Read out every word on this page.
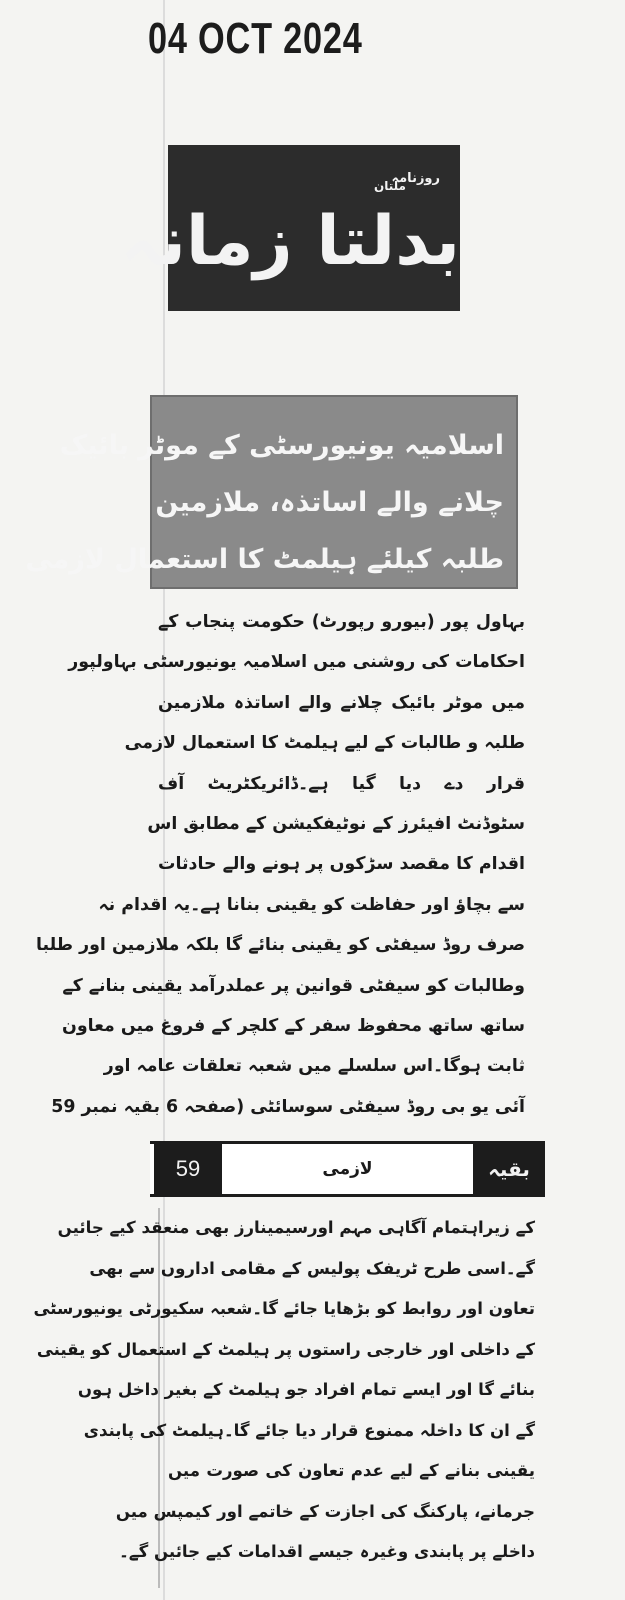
04 OCT 2024
روزنامہ
ملتان
بدلتا زمانہ
اسلامیہ یونیورسٹی کے موٹر بائیک
چلانے والے اساتذہ، ملازمین
طلبہ کیلئے ہیلمٹ کا استعمال لازمی
بہاول پور (بیورو رپورٹ) حکومت پنجاب کے
احکامات کی روشنی میں اسلامیہ یونیورسٹی بہاولپور
میں موٹر بائیک چلانے والے اساتذہ ملازمین
طلبہ و طالبات کے لیے ہیلمٹ کا استعمال لازمی
قرار دے دیا گیا ہے۔ڈائریکٹریٹ آف
سٹوڈنٹ افیئرز کے نوٹیفکیشن کے مطابق اس
اقدام کا مقصد سڑکوں پر ہونے والے حادثات
سے بچاؤ اور حفاظت کو یقینی بنانا ہے۔یہ اقدام نہ
صرف روڈ سیفٹی کو یقینی بنائے گا بلکہ ملازمین اور طلبا
وطالبات کو سیفٹی قوانین پر عملدرآمد یقینی بنانے کے
ساتھ ساتھ محفوظ سفر کے کلچر کے فروغ میں معاون
ثابت ہوگا۔اس سلسلے میں شعبہ تعلقات عامہ اور
آئی یو بی روڈ سیفٹی سوسائٹی (صفحہ 6 بقیہ نمبر 59
بقیہ
لازمی
59
کے زیراہتمام آگاہی مہم اورسیمینارز بھی منعقد کیے جائیں
گے۔اسی طرح ٹریفک پولیس کے مقامی اداروں سے بھی
تعاون اور روابط کو بڑھایا جائے گا۔شعبہ سکیورٹی یونیورسٹی
کے داخلی اور خارجی راستوں پر ہیلمٹ کے استعمال کو یقینی
بنائے گا اور ایسے تمام افراد جو ہیلمٹ کے بغیر داخل ہوں
گے ان کا داخلہ ممنوع قرار دیا جائے گا۔ہیلمٹ کی پابندی
یقینی بنانے کے لیے عدم تعاون کی صورت میں
جرمانے، پارکنگ کی اجازت کے خاتمے اور کیمپس میں
داخلے پر پابندی وغیرہ جیسے اقدامات کیے جائیں گے۔
